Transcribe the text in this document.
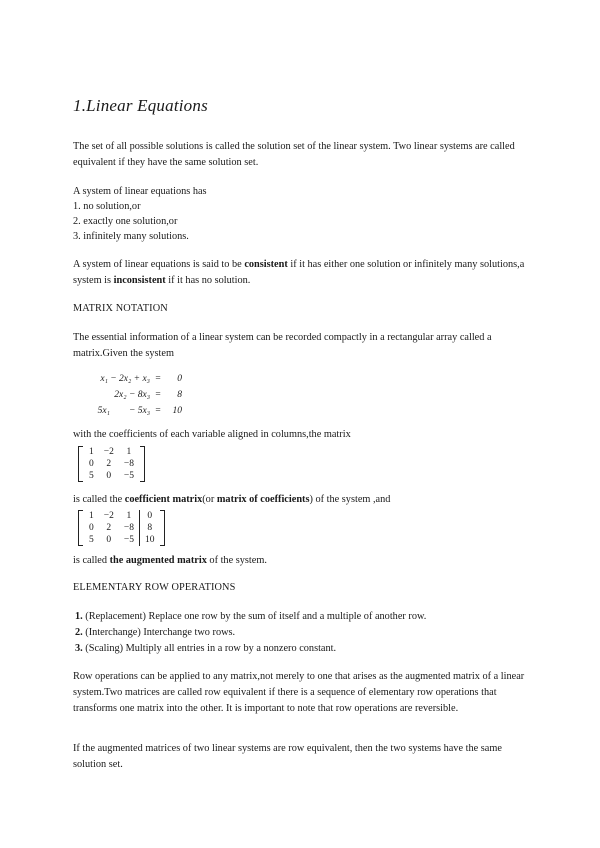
1.Linear Equations

The set of all possible solutions is called the solution set of the linear system. Two linear systems are called equivalent if they have the same solution set.

A system of linear equations has

1. no solution,or
2. exactly one solution,or
3. infinitely many solutions.

A system of linear equations is said to be consistent if it has either one solution or infinitely many solutions,a system is inconsistent if it has no solution.

MATRIX NOTATION

The essential information of a linear system can be recorded compactly in a rectangular array called a matrix.Given the system

x₁ − 2x₂ + x₃ =	0
2x₂ − 8x₃ =	8
5x₁        − 5x₃ =	10

with the coefficients of each variable aligned in columns,the matrix

1	−2	1
0	2	−8
5	0	−5

is called the coefficient matrix(or matrix of coefficients) of the system ,and

1	−2	1	0
0	2	−8	8
5	0	−5	10

is called the augmented matrix of the system.

ELEMENTARY ROW OPERATIONS
1. (Replacement) Replace one row by the sum of itself and a multiple of another row.
2. (Interchange) Interchange two rows.
3. (Scaling) Multiply all entries in a row by a nonzero constant.

Row operations can be applied to any matrix,not merely to one that arises as the augmented matrix of a linear system.Two matrices are called row equivalent if there is a sequence of elementary row operations that transforms one matrix into the other. It is important to note that row operations are reversible.

If the augmented matrices of two linear systems are row equivalent, then the two systems have the same solution set.
